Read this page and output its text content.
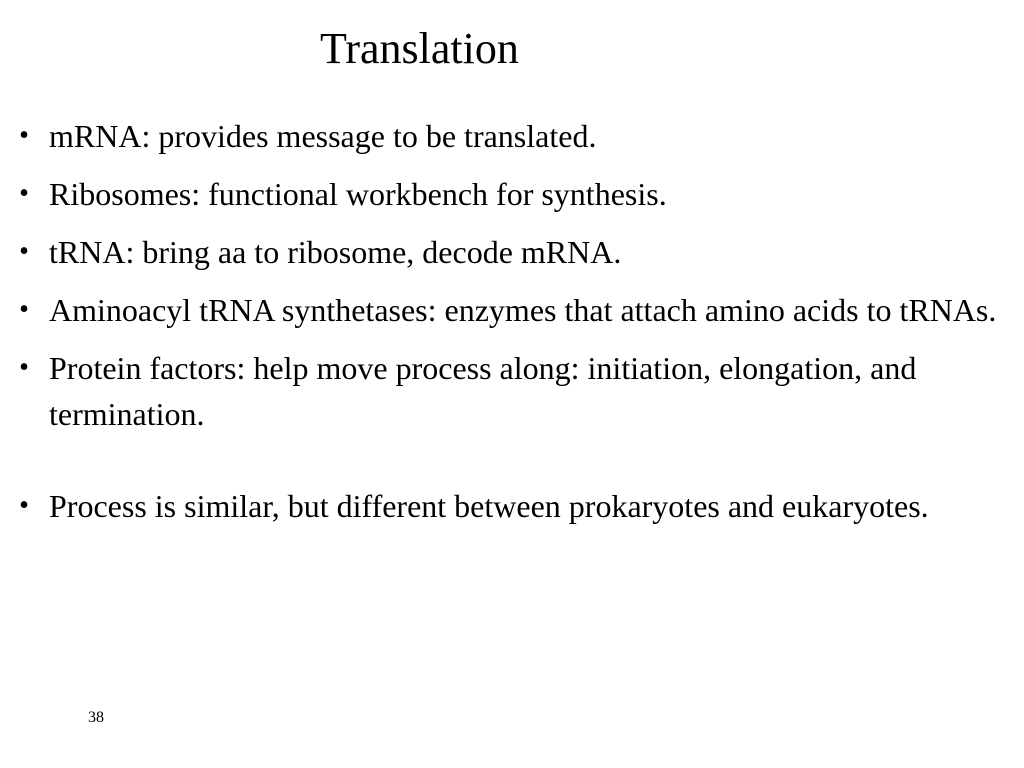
Translation
• mRNA: provides message to be translated.
• Ribosomes: functional workbench for synthesis.
• tRNA: bring aa to ribosome, decode mRNA.
• Aminoacyl tRNA synthetases: enzymes that attach amino acids to tRNAs.
• Protein factors: help move process along: initiation, elongation, and termination.
• Process is similar, but different between prokaryotes and eukaryotes.
38
